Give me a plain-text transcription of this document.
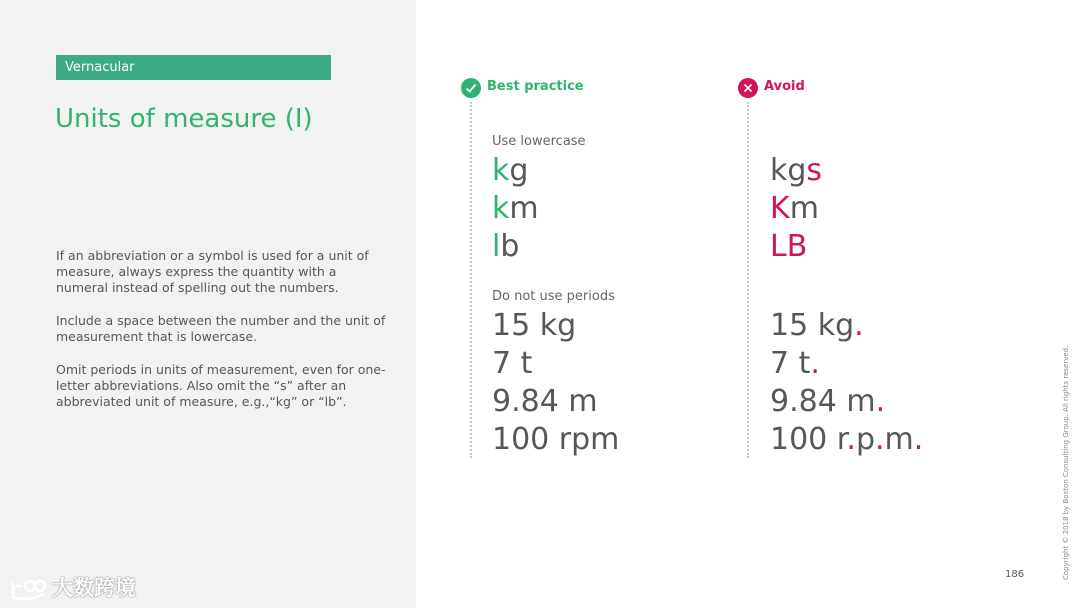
Vernacular
Units of measure (I)

If an abbreviation or a symbol is used for a unit of measure, always express the quantity with a numeral instead of spelling out the numbers.

Include a space between the number and the unit of measurement that is lowercase.

Omit periods in units of measurement, even for one-letter abbreviations. Also omit the “s” after an abbreviated unit of measure, e.g.,“kg” or “lb”.

大数跨境
Best practice
Use lowercase
kg
km
lb
Do not use periods
15 kg
7 t
9.84 m
100 rpm
Avoid
kgs
Km
LB
15 kg.
7 t.
9.84 m.
100 r.p.m.	Copyright © 2018 by Boston Consulting Group. All rights reserved.
186
